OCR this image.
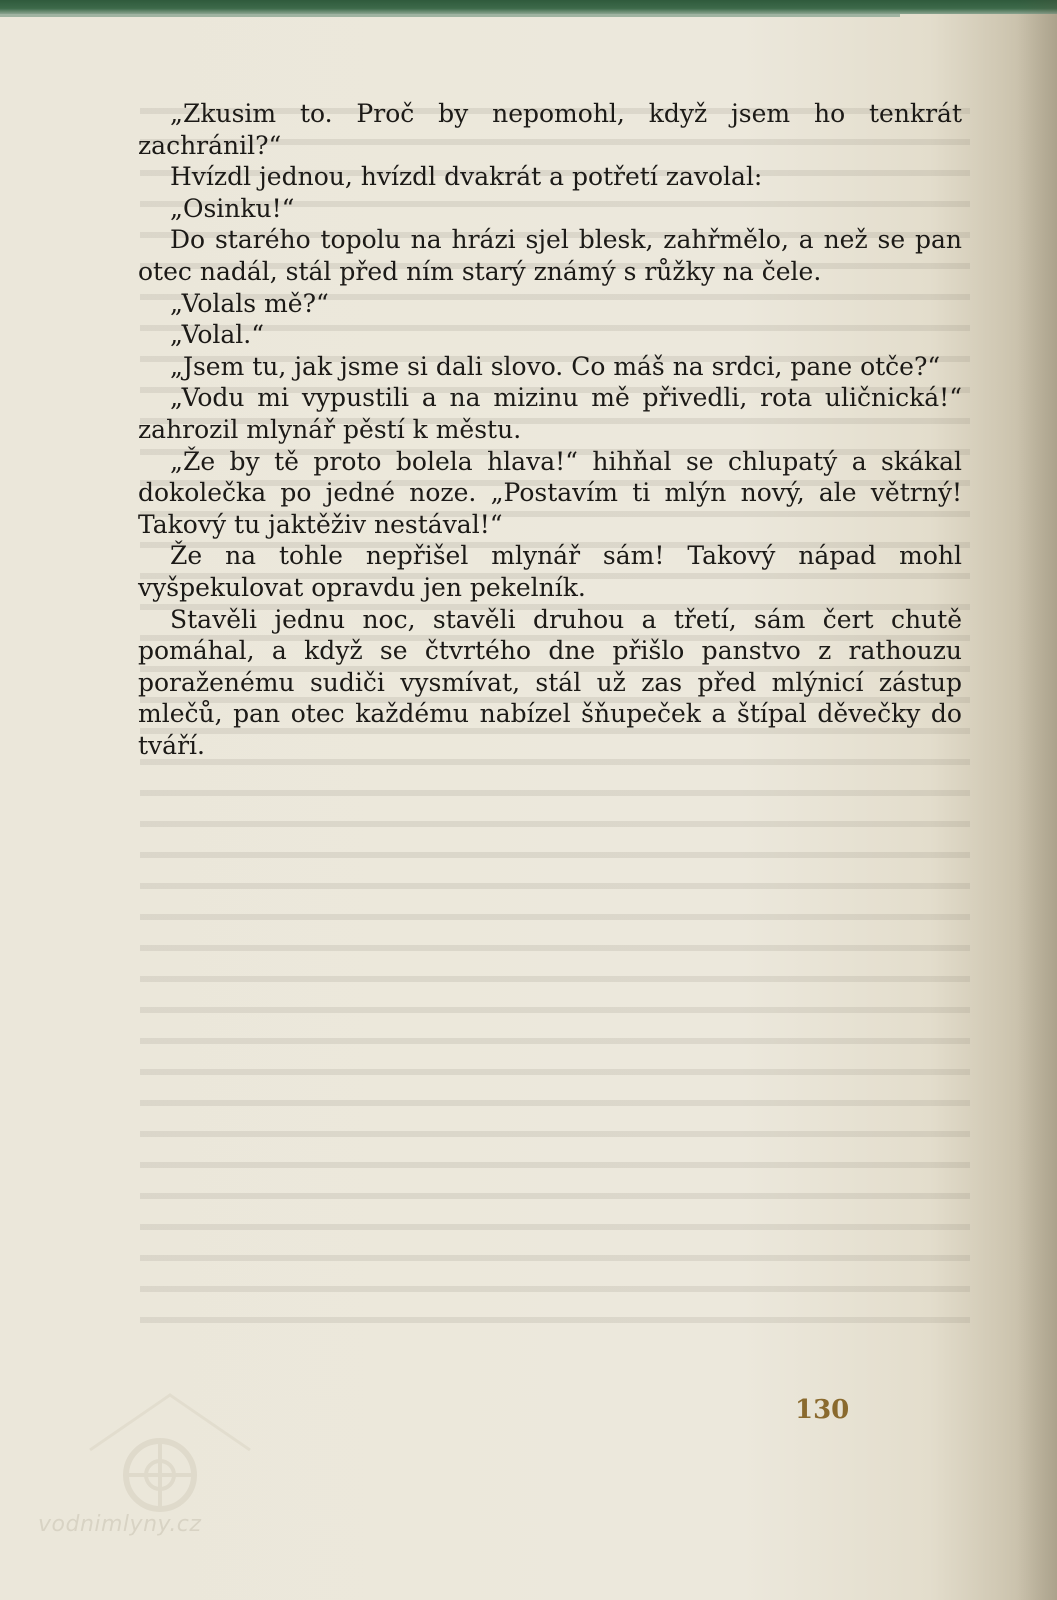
„Zkusim to. Proč by nepomohl, když jsem ho tenkrát zachránil?“

Hvízdl jednou, hvízdl dvakrát a potřetí zavolal:

„Osinku!“

Do starého topolu na hrázi sjel blesk, zahřmělo, a než se pan otec nadál, stál před ním starý známý s růžky na čele.

„Volals mě?“

„Volal.“

„Jsem tu, jak jsme si dali slovo. Co máš na srdci, pane otče?“

„Vodu mi vypustili a na mizinu mě přivedli, rota uličnická!“ zahrozil mlynář pěstí k městu.

„Že by tě proto bolela hlava!“ hihňal se chlupatý a skákal dokolečka po jedné noze. „Postavím ti mlýn nový, ale větrný! Takový tu jaktěživ nestával!“

Že na tohle nepřišel mlynář sám! Takový nápad mohl vyšpekulovat opravdu jen pekelník.

Stavěli jednu noc, stavěli druhou a třetí, sám čert chutě pomáhal, a když se čtvrtého dne přišlo panstvo z rathouzu poraženému sudiči vysmívat, stál už zas před mlýnicí zástup mlečů, pan otec každému nabízel šňupeček a štípal děvečky do tváří.

130
vodnimlyny.cz
